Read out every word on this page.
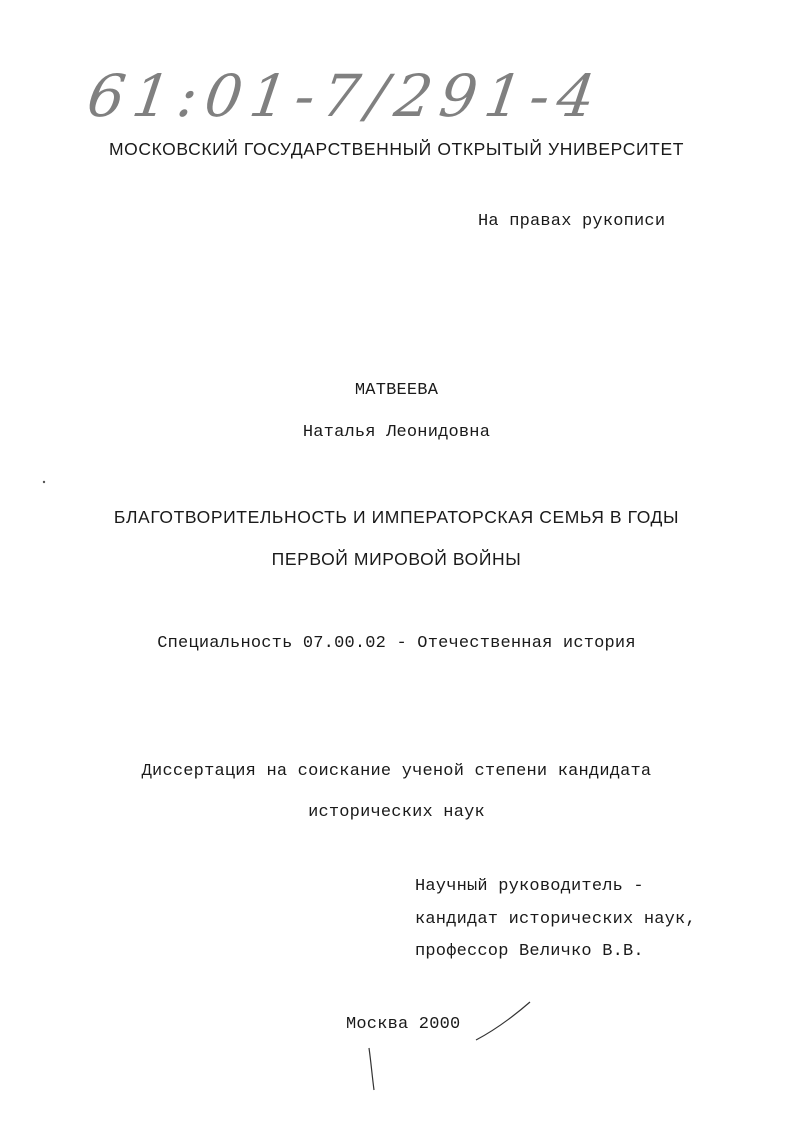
61:01-7/291-4
МОСКОВСКИЙ ГОСУДАРСТВЕННЫЙ ОТКРЫТЫЙ УНИВЕРСИТЕТ
На правах рукописи
МАТВЕЕВА
Наталья Леонидовна
БЛАГОТВОРИТЕЛЬНОСТЬ И ИМПЕРАТОРСКАЯ СЕМЬЯ В ГОДЫ
ПЕРВОЙ МИРОВОЙ ВОЙНЫ
Специальность 07.00.02 - Отечественная история
Диссертация на соискание ученой степени кандидата
исторических наук
Научный руководитель -
кандидат исторических наук,
профессор Величко В.В.
Москва 2000
